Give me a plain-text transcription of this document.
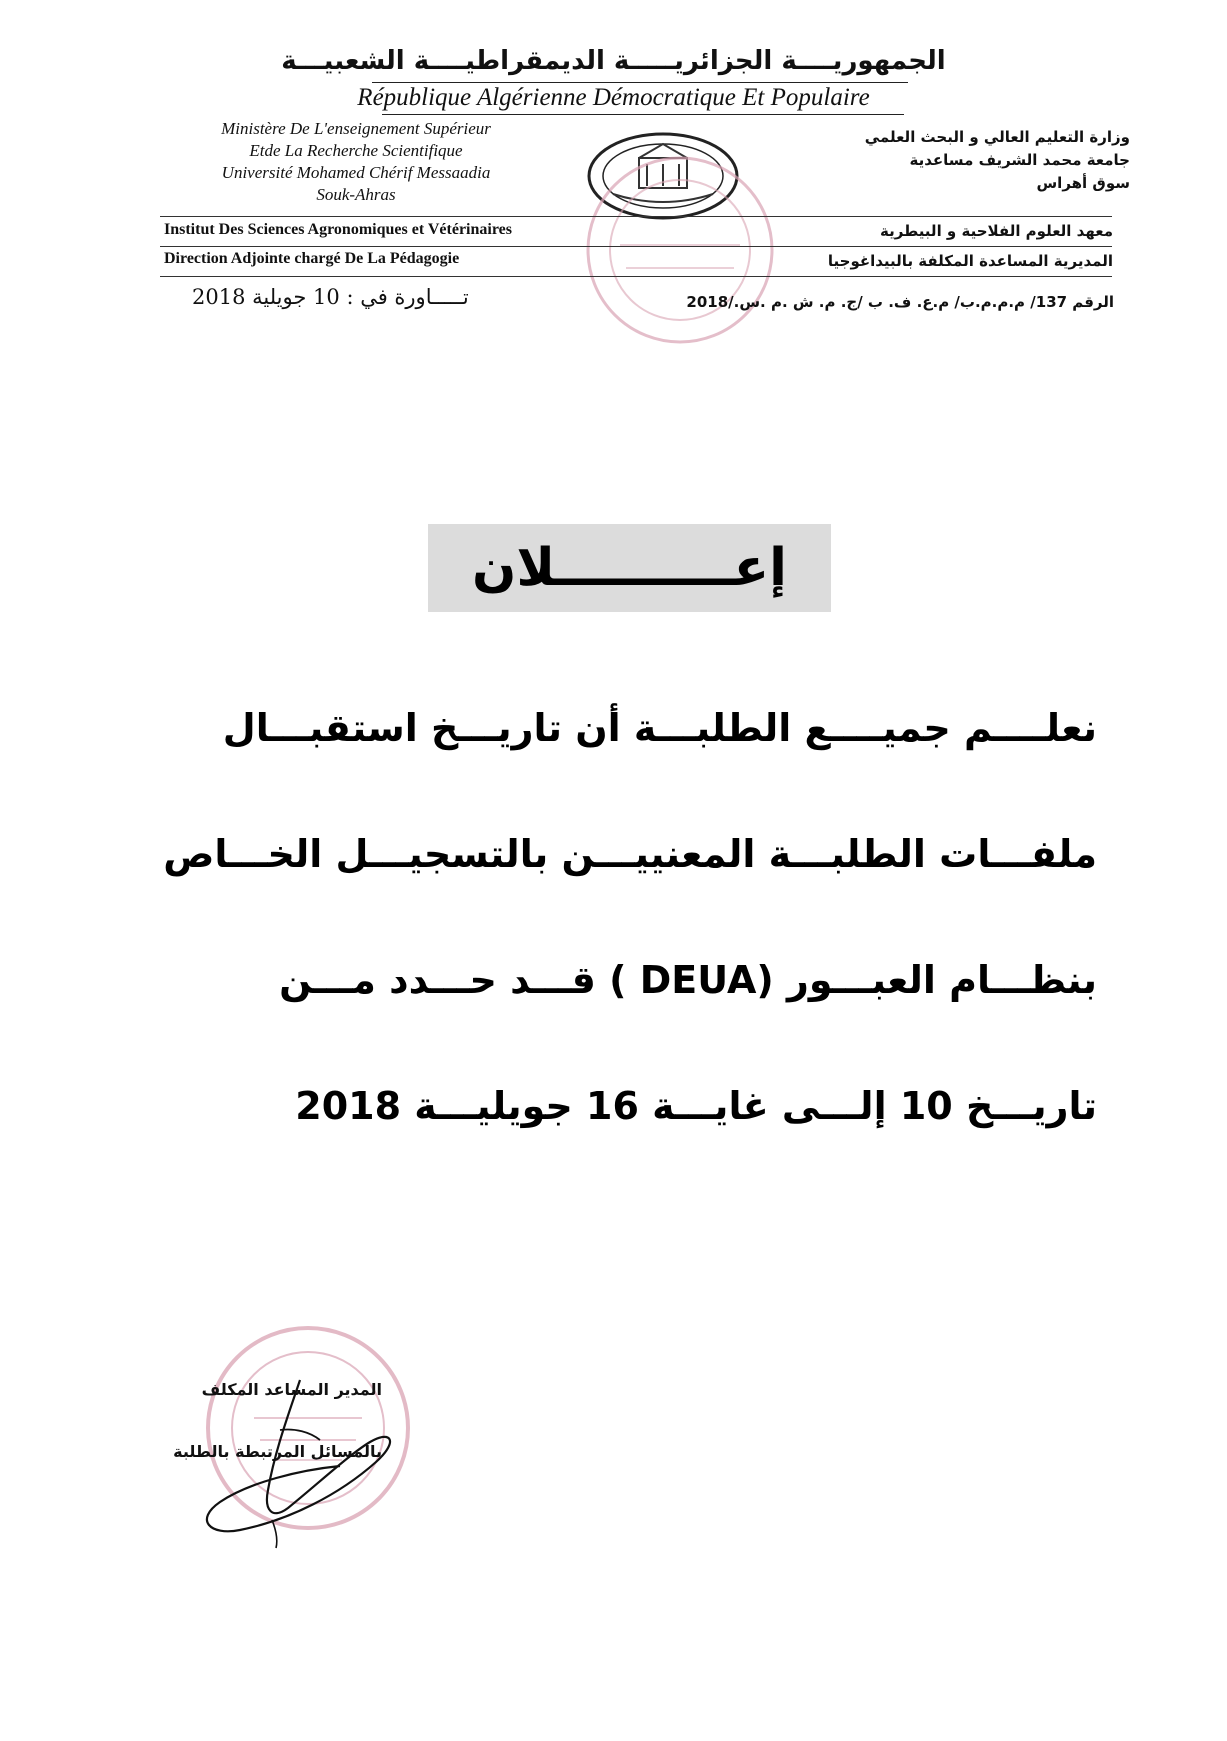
الجمهوريــــة الجزائريـــــة الديمقراطيــــة الشعبيـــة
République Algérienne Démocratique Et Populaire
Ministère De L'enseignement Supérieur
Etde La Recherche Scientifique
Université Mohamed Chérif Messaadia
Souk-Ahras
وزارة التعليم العالي و البحث العلمي
جامعة محمد الشريف مساعدية
سوق أهراس
Institut Des Sciences Agronomiques et Vétérinaires	معهد العلوم الفلاحية و البيطرية
Direction Adjointe chargé De La Pédagogie	المديرية المساعدة المكلفة بالبيداغوجيا
الرقم 137/ م.م.م.ب/ م.ع. ف. ب /ج. م. ش .م .س./2018
تـــــاورة في : 10 جويلية 2018
إعــــــــــلان
نعلــــم جميــــع الطلبـــة أن تاريـــخ استقبـــال
ملفـــات الطلبـــة المعنييـــن بالتسجيـــل الخـــاص
بنظـــام العبـــور (DEUA ) قـــد حـــدد مـــن
تاريـــخ 10 إلـــى غايـــة 16 جويليـــة 2018
المدير المساعد المكلف
بالمسائل المرتبطة بالطلبة
